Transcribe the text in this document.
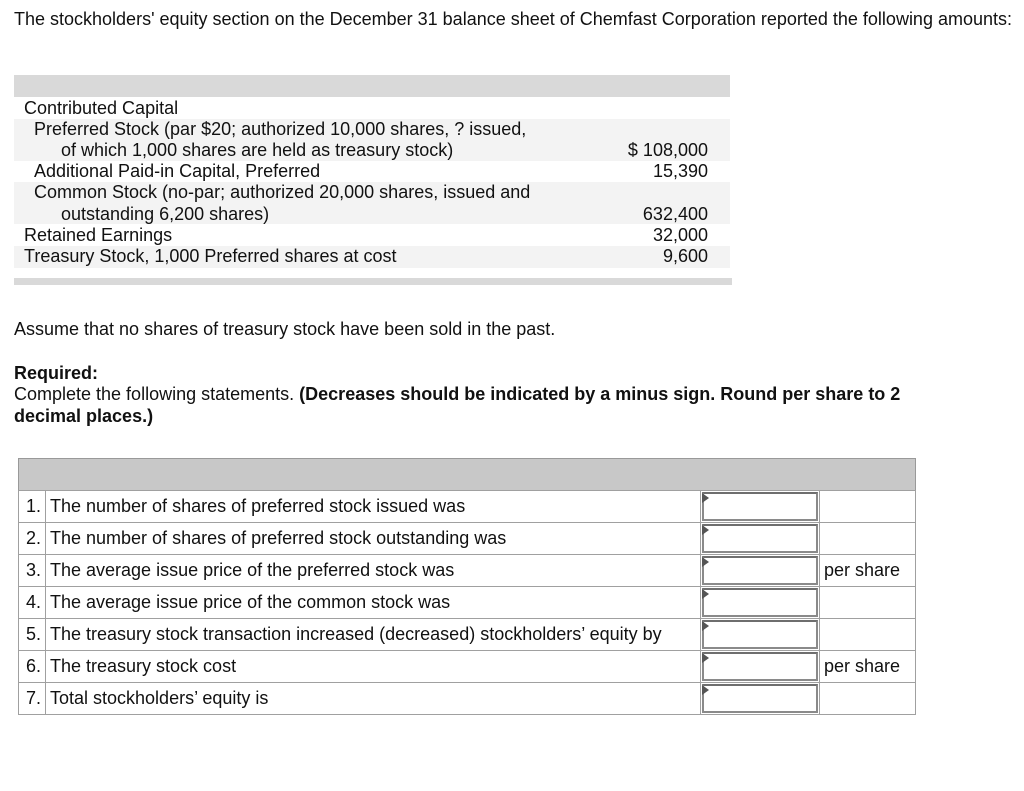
The stockholders' equity section on the December 31 balance sheet of Chemfast Corporation reported the following amounts:
Contributed Capital
Preferred Stock (par $20; authorized 10,000 shares, ? issued,
of which 1,000 shares are held as treasury stock)	$ 108,000
Additional Paid-in Capital, Preferred	15,390
Common Stock (no-par; authorized 20,000 shares, issued and
outstanding 6,200 shares)	632,400
Retained Earnings	32,000
Treasury Stock, 1,000 Preferred shares at cost	9,600
Assume that no shares of treasury stock have been sold in the past.
Required:
Complete the following statements. (Decreases should be indicated by a minus sign. Round per share to 2 decimal places.)
1.	The number of shares of preferred stock issued was	

2.	The number of shares of preferred stock outstanding was	

3.	The average issue price of the preferred stock was		per share
4.	The average issue price of the common stock was	

5.	The treasury stock transaction increased (decreased) stockholders’ equity by	

6.	The treasury stock cost		per share
7.	Total stockholders’ equity is	
